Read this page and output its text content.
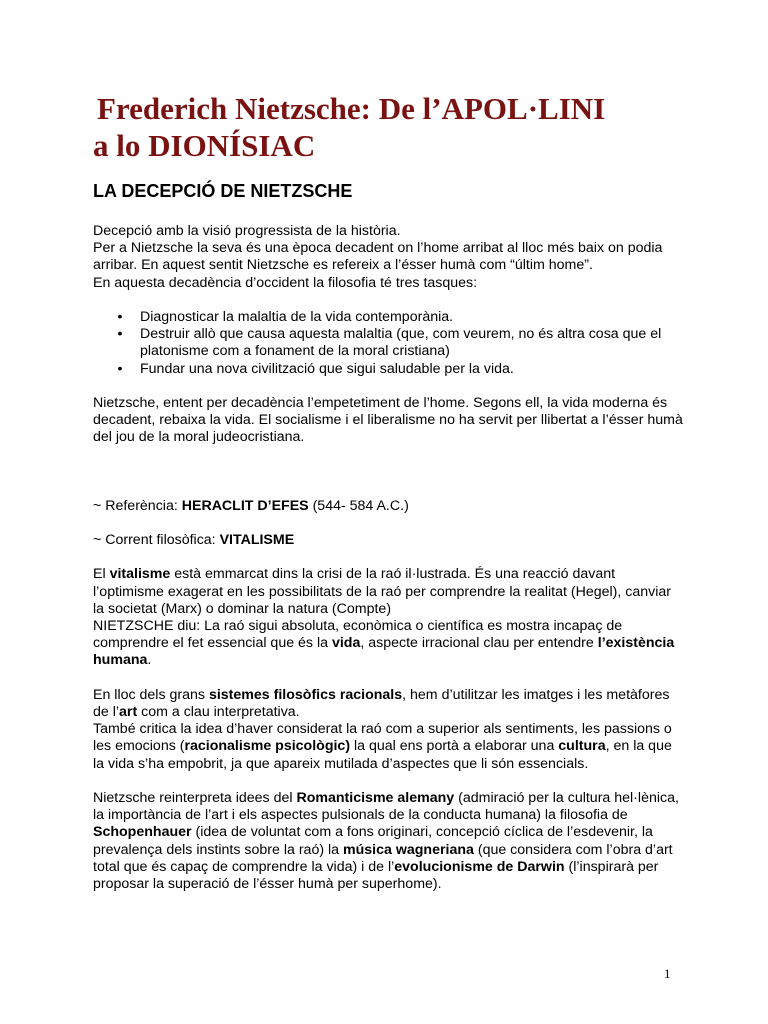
Frederich Nietzsche: De l’APOL·LINI
a lo DIONÍSIAC
LA DECEPCIÓ DE NIETZSCHE

Decepció amb la visió progressista de la història.

Per a Nietzsche la seva és una època decadent on l’home arribat al lloc més baix on podia arribar. En aquest sentit Nietzsche es refereix a l’ésser humà com “últim home”.

En aquesta decadència d’occident la filosofia té tres tasques:

• Diagnosticar la malaltia de la vida contemporània.
• Destruir allò que causa aquesta malaltia (que, com veurem, no és altra cosa que el platonisme com a fonament de la moral cristiana)
• Fundar una nova civilització que sigui saludable per la vida.

Nietzsche, entent per decadència l’empetetiment de l’home. Segons ell, la vida moderna és decadent, rebaixa la vida. El socialisme i el liberalisme no ha servit per llibertat a l’ésser humà del jou de la moral judeocristiana.

~ Referència: HERACLIT D’EFES (544- 584 A.C.)

~ Corrent filosòfica: VITALISME

El vitalisme està emmarcat dins la crisi de la raó il·lustrada. És una reacció davant l’optimisme exagerat en les possibilitats de la raó per comprendre la realitat (Hegel), canviar la societat (Marx) o dominar la natura (Compte)

NIETZSCHE diu: La raó sigui absoluta, econòmica o científica es mostra incapaç de comprendre el fet essencial que és la vida, aspecte irracional clau per entendre l’existència humana.

En lloc dels grans sistemes filosòfics racionals, hem d’utilitzar les imatges i les metàfores de l’art com a clau interpretativa.

També critica la idea d’haver considerat la raó com a superior als sentiments, les passions o les emocions (racionalisme psicològic) la qual ens portà a elaborar una cultura, en la que la vida s’ha empobrit, ja que apareix mutilada d’aspectes que li són essencials.

Nietzsche reinterpreta idees del Romanticisme alemany (admiració per la cultura hel·lènica, la importància de l’art i els aspectes pulsionals de la conducta humana) la filosofia de Schopenhauer (idea de voluntat com a fons originari, concepció cíclica de l’esdevenir, la prevalença dels instints sobre la raó) la música wagneriana (que considera com l’obra d’art total que és capaç de comprendre la vida) i de l’evolucionisme de Darwin (l’inspirarà per proposar la superació de l’ésser humà per superhome).

1
